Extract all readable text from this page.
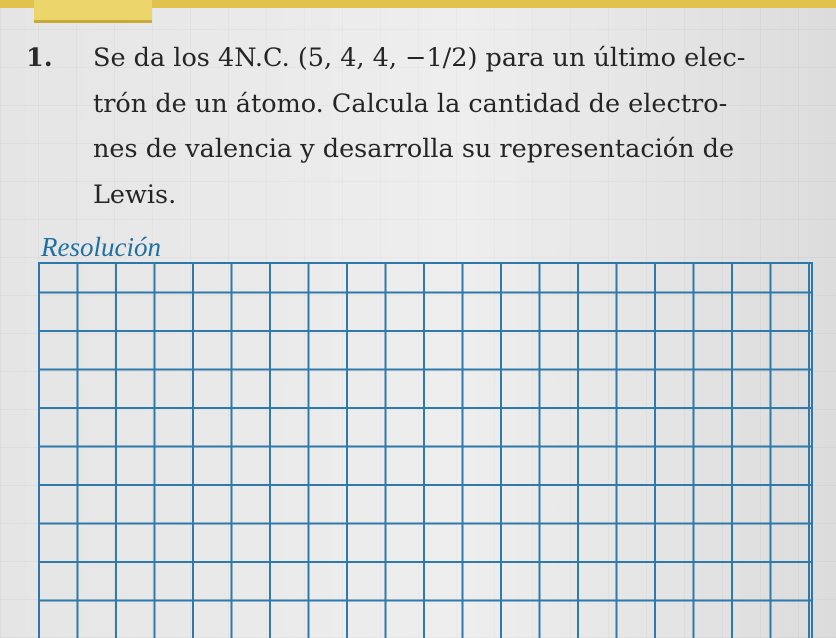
1. Se da los 4N.C. (5, 4, 4, −1/2) para un último elec-
trón de un átomo. Calcula la cantidad de electro-
nes de valencia y desarrolla su representación de
Lewis.
Resolución
